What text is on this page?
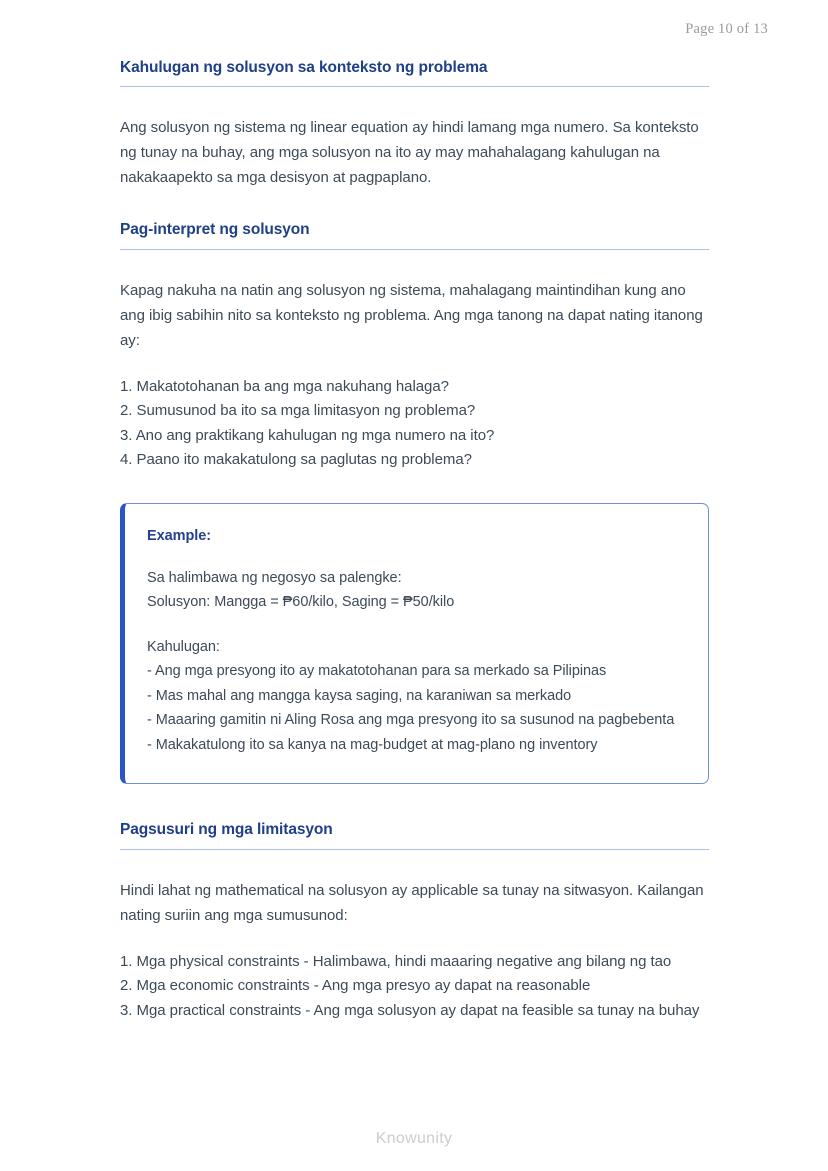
Page 10 of 13
Kahulugan ng solusyon sa konteksto ng problema

Ang solusyon ng sistema ng linear equation ay hindi lamang mga numero. Sa konteksto ng tunay na buhay, ang mga solusyon na ito ay may mahahalagang kahulugan na nakakaapekto sa mga desisyon at pagpaplano.

Pag-interpret ng solusyon

Kapag nakuha na natin ang solusyon ng sistema, mahalagang maintindihan kung ano ang ibig sabihin nito sa konteksto ng problema. Ang mga tanong na dapat nating itanong ay:

1. Makatotohanan ba ang mga nakuhang halaga?
2. Sumusunod ba ito sa mga limitasyon ng problema?
3. Ano ang praktikang kahulugan ng mga numero na ito?
4. Paano ito makakatulong sa paglutas ng problema?
Example:
Sa halimbawa ng negosyo sa palengke:
Solusyon: Mangga = ₱60/kilo, Saging = ₱50/kilo
Kahulugan:
- Ang mga presyong ito ay makatotohanan para sa merkado sa Pilipinas
- Mas mahal ang mangga kaysa saging, na karaniwan sa merkado
- Maaaring gamitin ni Aling Rosa ang mga presyong ito sa susunod na pagbebenta
- Makakatulong ito sa kanya na mag-budget at mag-plano ng inventory
Pagsusuri ng mga limitasyon

Hindi lahat ng mathematical na solusyon ay applicable sa tunay na sitwasyon. Kailangan nating suriin ang mga sumusunod:

1. Mga physical constraints - Halimbawa, hindi maaaring negative ang bilang ng tao
2. Mga economic constraints - Ang mga presyo ay dapat na reasonable
3. Mga practical constraints - Ang mga solusyon ay dapat na feasible sa tunay na buhay
Knowunity
